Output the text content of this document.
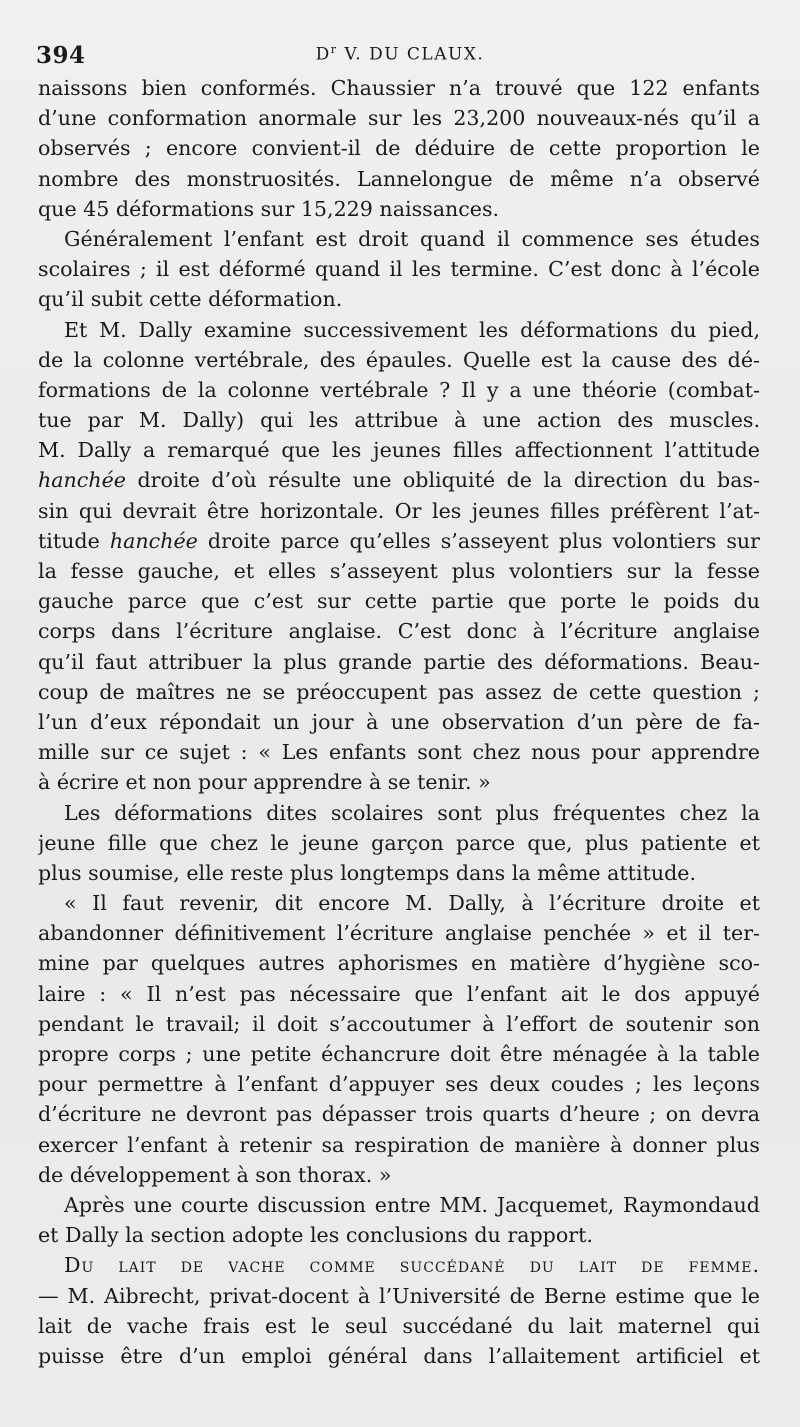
394	$D^r$ V. DU CLAUX.
naissons bien conformés. Chaussier n’a trouvé que 122 enfants
d’une conformation anormale sur les 23,200 nouveaux-nés qu’il a
observés ; encore convient-il de déduire de cette proportion le
nombre des monstruosités. Lannelongue de même n’a observé
que 45 déformations sur 15,229 naissances.
Généralement l’enfant est droit quand il commence ses études
scolaires ; il est déformé quand il les termine. C’est donc à l’école
qu’il subit cette déformation.
Et M. Dally examine successivement les déformations du pied,
de la colonne vertébrale, des épaules. Quelle est la cause des dé-
formations de la colonne vertébrale ? Il y a une théorie (combat-
tue par M. Dally) qui les attribue à une action des muscles.
M. Dally a remarqué que les jeunes filles affectionnent l’attitude
hanchée droite d’où résulte une obliquité de la direction du bas-
sin qui devrait être horizontale. Or les jeunes filles préfèrent l’at-
titude hanchée droite parce qu’elles s’asseyent plus volontiers sur
la fesse gauche, et elles s’asseyent plus volontiers sur la fesse
gauche parce que c’est sur cette partie que porte le poids du
corps dans l’écriture anglaise. C’est donc à l’écriture anglaise
qu’il faut attribuer la plus grande partie des déformations. Beau-
coup de maîtres ne se préoccupent pas assez de cette question ;
l’un d’eux répondait un jour à une observation d’un père de fa-
mille sur ce sujet : « Les enfants sont chez nous pour apprendre
à écrire et non pour apprendre à se tenir. »
Les déformations dites scolaires sont plus fréquentes chez la
jeune fille que chez le jeune garçon parce que, plus patiente et
plus soumise, elle reste plus longtemps dans la même attitude.
« Il faut revenir, dit encore M. Dally, à l’écriture droite et
abandonner définitivement l’écriture anglaise penchée » et il ter-
mine par quelques autres aphorismes en matière d’hygiène sco-
laire : « Il n’est pas nécessaire que l’enfant ait le dos appuyé
pendant le travail; il doit s’accoutumer à l’effort de soutenir son
propre corps ; une petite échancrure doit être ménagée à la table
pour permettre à l’enfant d’appuyer ses deux coudes ; les leçons
d’écriture ne devront pas dépasser trois quarts d’heure ; on devra
exercer l’enfant à retenir sa respiration de manière à donner plus
de développement à son thorax. »
Après une courte discussion entre MM. Jacquemet, Raymondaud
et Dally la section adopte les conclusions du rapport.
Du lait de vache comme succédané du lait de femme.
— M. Aibrecht, privat-docent à l’Université de Berne estime que le
lait de vache frais est le seul succédané du lait maternel qui
puisse être d’un emploi général dans l’allaitement artificiel et
